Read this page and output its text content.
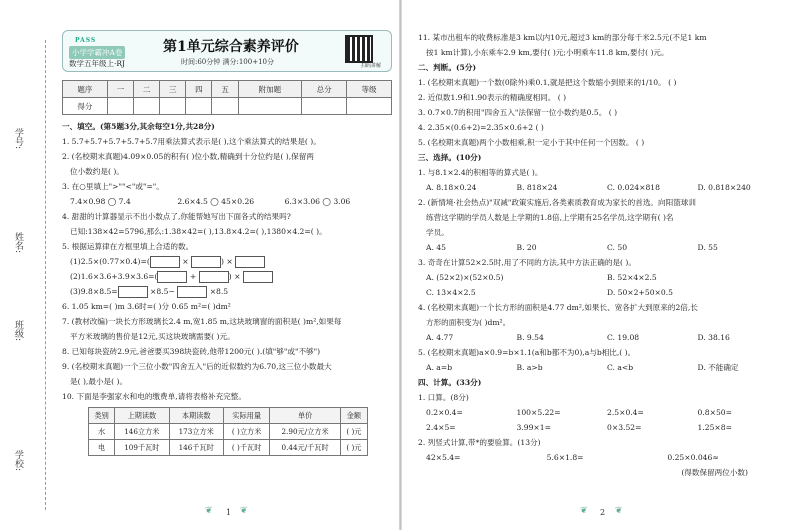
学号:
姓名:
班级:
学校:
PASS
小学学霸冲A卷
数学五年级上·RJ
第1单元综合素养评价
时间:60分钟 满分:100+10分	扫码讲解
题序	一	二	三	四	五	附加题	总分	等级
得分								
一、填空。(第5题3分,其余每空1分,共28分)
1. 5.7+5.7+5.7+5.7+5.7用乘法算式表示是( ),这个乘法算式的结果是( )。
2. (名校期末真题)4.09×0.05的积有( )位小数,精确到十分位约是( ),保留两
位小数约是( )。
3. 在○里填上">""<"或"="。
7.4×0.98 ◯ 7.4	2.6×4.5 ◯ 45×0.26	6.3×3.06 ◯ 3.06
4. 甜甜的计算器显示不出小数点了,你能帮她写出下面各式的结果吗?
已知:138×42=5796,那么:1.38×42=( ),13.8×4.2=( ),1380×4.2=( )。
5. 根据运算律在方框里填上合适的数。
(1)2.5×(0.77×0.4)=(	×	) ×
(2)1.6×3.6+3.9×3.6=(	+	) ×
(3)9.8×8.5=	×8.5−	×8.5
6. 1.05 km=( )m 3.6时=( )分 0.65 m²=( )dm²
7. (教材改编)一块长方形玻璃长2.4 m,宽1.85 m,这块玻璃窗的面积是( )m²,如果每
平方米玻璃的售价是12元,买这块玻璃需要( )元。
8. 已知每块瓷砖2.9元,爸爸要买398块瓷砖,他带1200元( ).(填"够"或"不够")
9. (名校期末真题)一个三位小数"四舍五入"后的近似数约为6.70,这三位小数最大
是( ),最小是( )。
10. 下面是李强家水和电的缴费单,请将表格补充完整。
类别	上期读数	本期读数	实际用量	单价	金额
水	146立方米	173立方米	( )立方米	2.90元/立方米	( )元
电	109千瓦时	146千瓦时	( )千瓦时	0.44元/千瓦时	( )元
1
❦	❦
11. 某市出租车的收费标准是3 km以内10元,超过3 km的部分每千米2.5元(不足1 km
按1 km计算),小东乘车2.9 km,要付( )元;小明乘车11.8 km,要付( )元。
二、判断。(5分)
1. (名校期末真题)一个数(0除外)乘0.1,就是把这个数缩小到原来的1/10。 ( )
2. 近似数1.9和1.90表示的精确度相同。 ( )
3. 0.7×0.7的积用"四舍五入"法保留一位小数约是0.5。 ( )
4. 2.35×(0.6+2)=2.35×0.6+2 ( )
5. (名校期末真题)两个小数相乘,积一定小于其中任何一个因数。 ( )
三、选择。(10分)
1. 与8.1×2.4的积相等的算式是( )。
A. 8.18×0.24	B. 818×24	C. 0.024×818	D. 0.818×240
2. (新情境·社会热点)"双减"政策实施后,各类素质教育成为家长的首选。向阳篮球训
练营这学期的学员人数是上学期的1.8倍,上学期有25名学员,这学期有( )名
学员。
A. 45	B. 20	C. 50	D. 55
3. 奇奇在计算52×2.5时,用了不同的方法,其中方法正确的是( )。
A. (52×2)×(52×0.5)	B. 52×4×2.5
C. 13×4×2.5	D. 50×2+50×0.5
4. (名校期末真题)一个长方形的面积是4.77 dm²,如果长、宽各扩大到原来的2倍,长
方形的面积变为( )dm²。
A. 4.77	B. 9.54	C. 19.08	D. 38.16
5. (名校期末真题)a×0.9=b×1.1(a和b都不为0),a与b相比,( )。
A. a=b	B. a>b	C. a<b	D. 不能确定
四、计算。(33分)
1. 口算。(8分)
0.2×0.4=	100×5.22=	2.5×0.4=	0.8×50=
2.4×5=	3.99×1=	0×3.52=	1.25×8=
2. 列竖式计算,带*的要验算。(13分)
42×5.4=	5.6×1.8=	0.25×0.046≈
(得数保留两位小数)
2
❦	❦
